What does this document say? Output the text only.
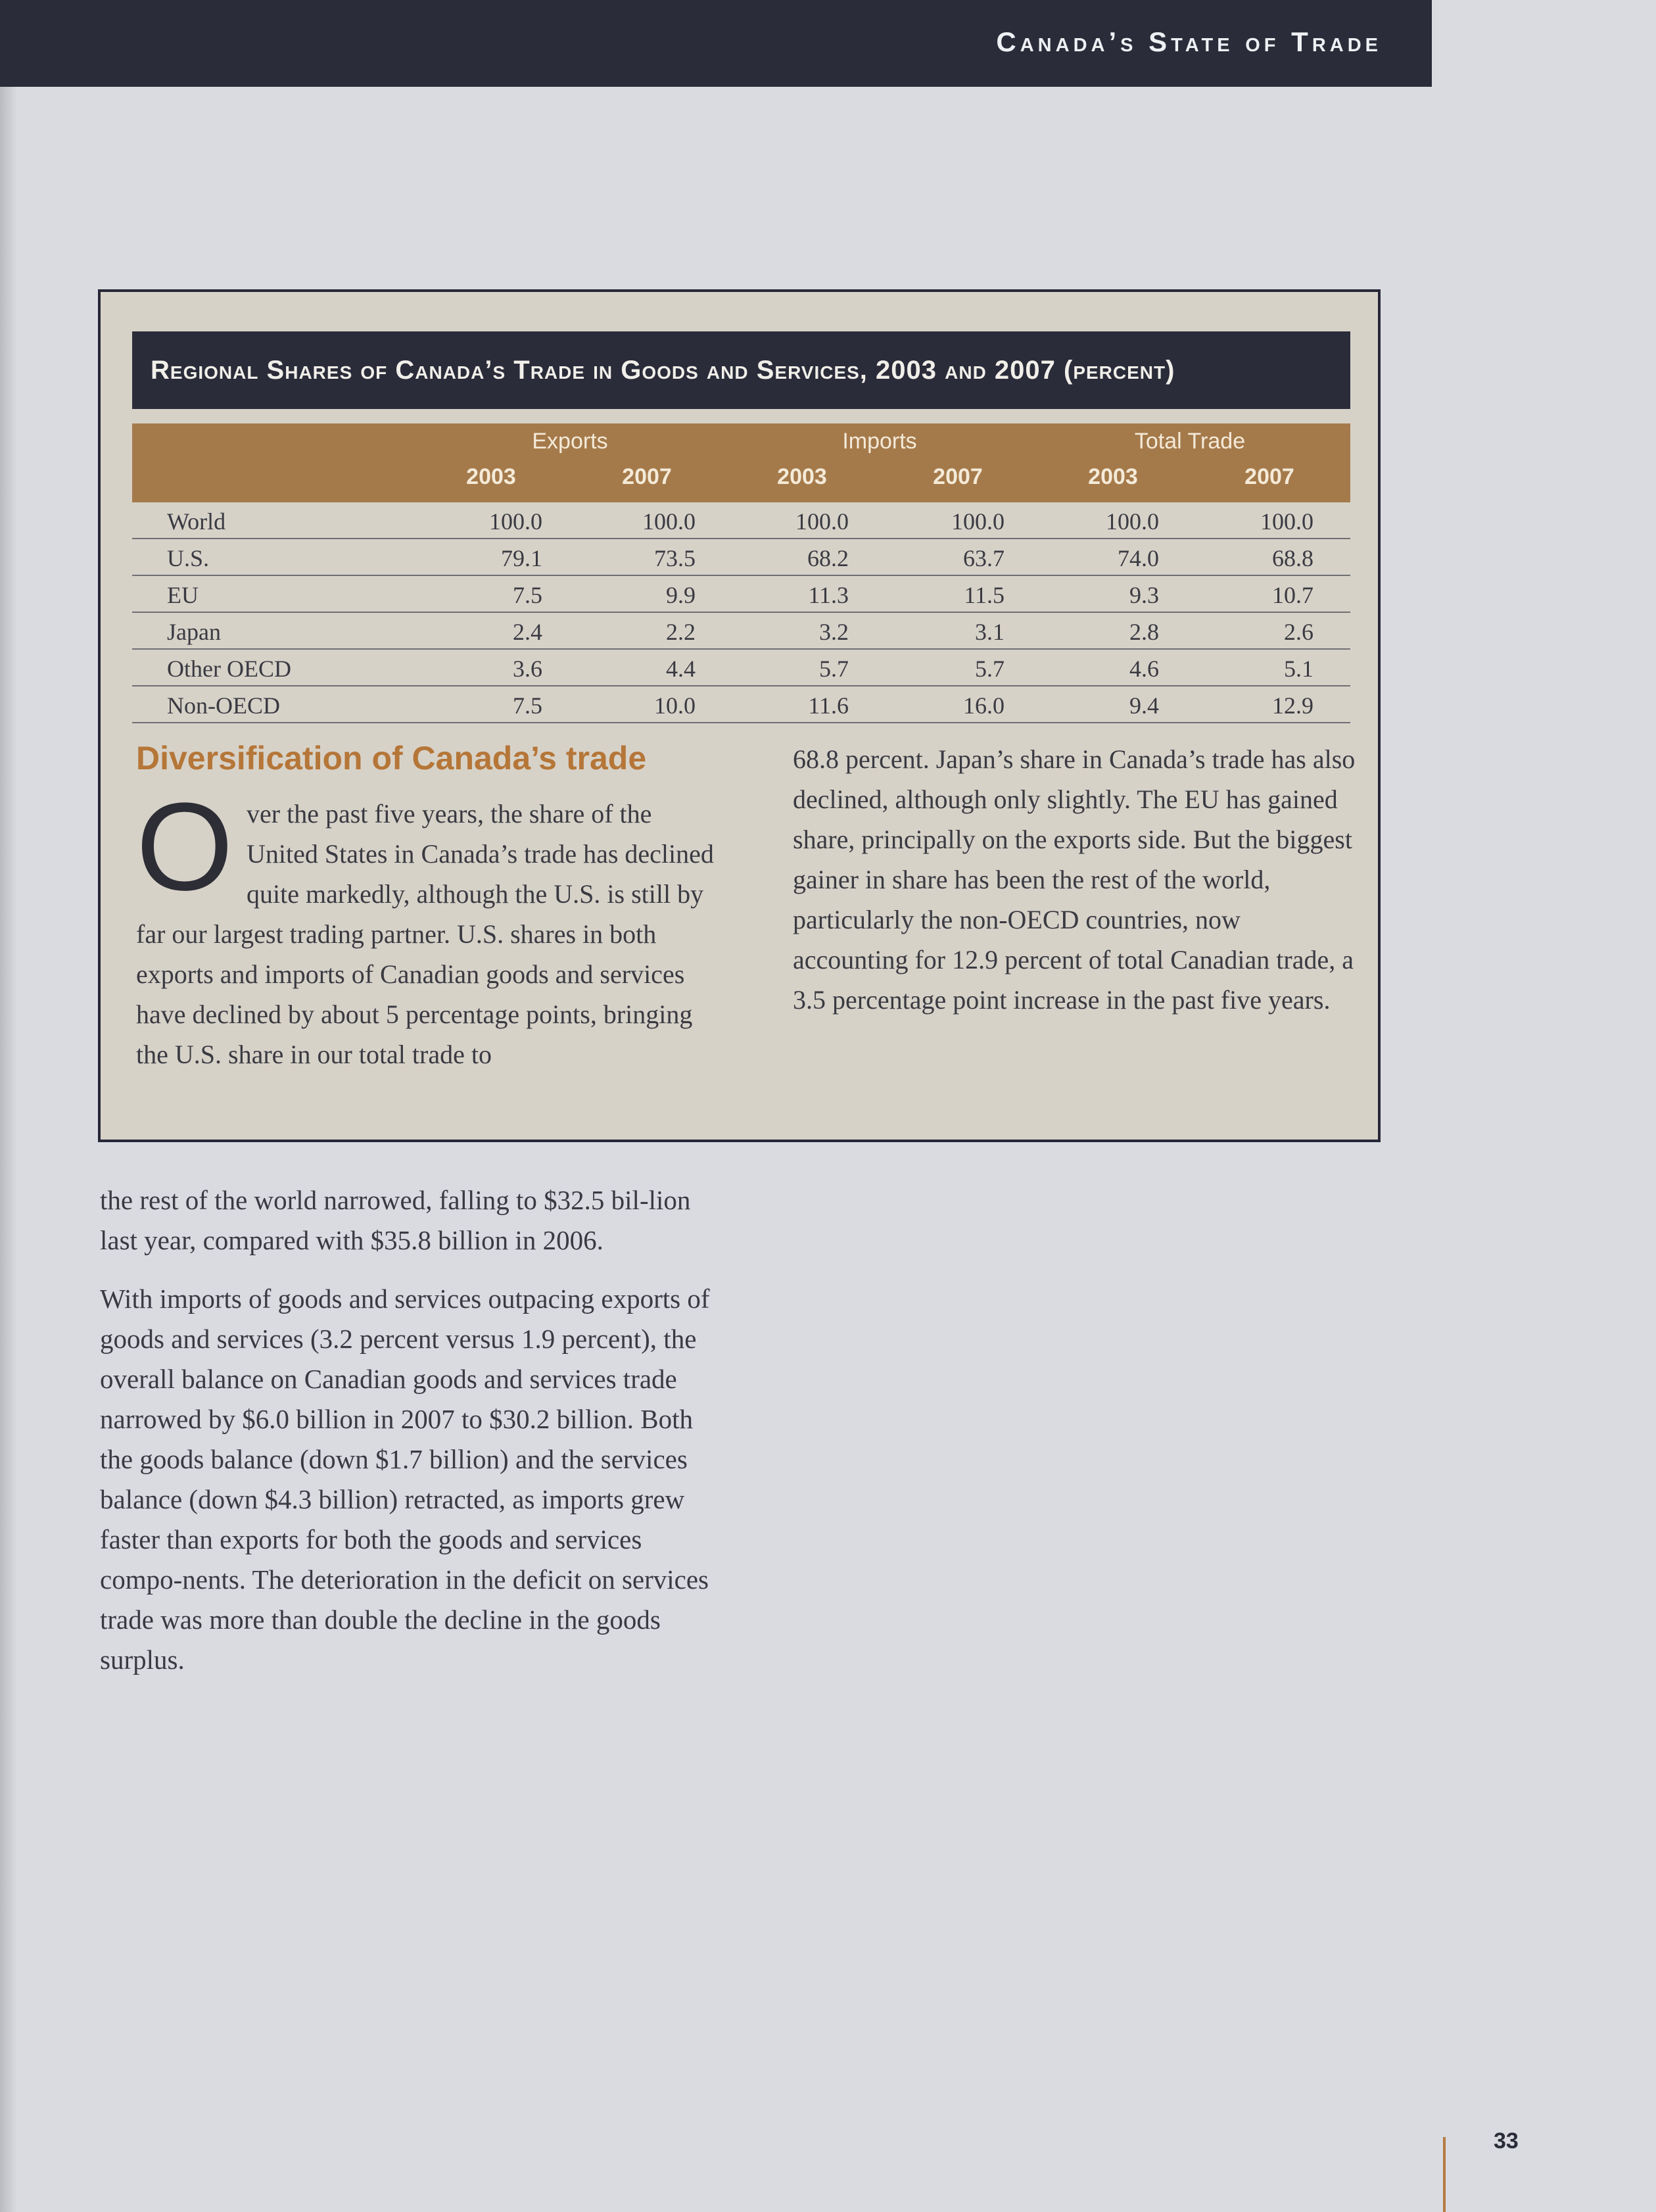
Canada’s State of Trade
Regional Shares of Canada’s Trade in Goods and Services, 2003 and 2007 (percent)
Exports	Imports	Total Trade
2003	2007	2003	2007	2003	2007
World	100.0	100.0	100.0	100.0	100.0	100.0
U.S.	79.1	73.5	68.2	63.7	74.0	68.8
EU	7.5	9.9	11.3	11.5	9.3	10.7
Japan	2.4	2.2	3.2	3.1	2.8	2.6
Other OECD	3.6	4.4	5.7	5.7	4.6	5.1
Non-OECD	7.5	10.0	11.6	16.0	9.4	12.9
Diversification of Canada’s trade
O ver the past five years, the share of the United States in Canada’s trade has declined quite markedly, although the U.S. is still by far our largest trading partner. U.S. shares in both exports and imports of Canadian goods and services have declined by about 5 percentage points, bringing the U.S. share in our total trade to
68.8 percent. Japan’s share in Canada’s trade has also declined, although only slightly. The EU has gained share, principally on the exports side. But the biggest gainer in share has been the rest of the world, particularly the non-OECD countries, now accounting for 12.9 percent of total Canadian trade, a 3.5 percentage point increase in the past five years.

the rest of the world narrowed, falling to $32.5 bil-lion last year, compared with $35.8 billion in 2006.

With imports of goods and services outpacing exports of goods and services (3.2 percent versus 1.9 percent), the overall balance on Canadian goods and services trade narrowed by $6.0 billion in 2007 to $30.2 billion. Both the goods balance (down $1.7 billion) and the services balance (down $4.3 billion) retracted, as imports grew faster than exports for both the goods and services compo-nents. The deterioration in the deficit on services trade was more than double the decline in the goods surplus.

33
